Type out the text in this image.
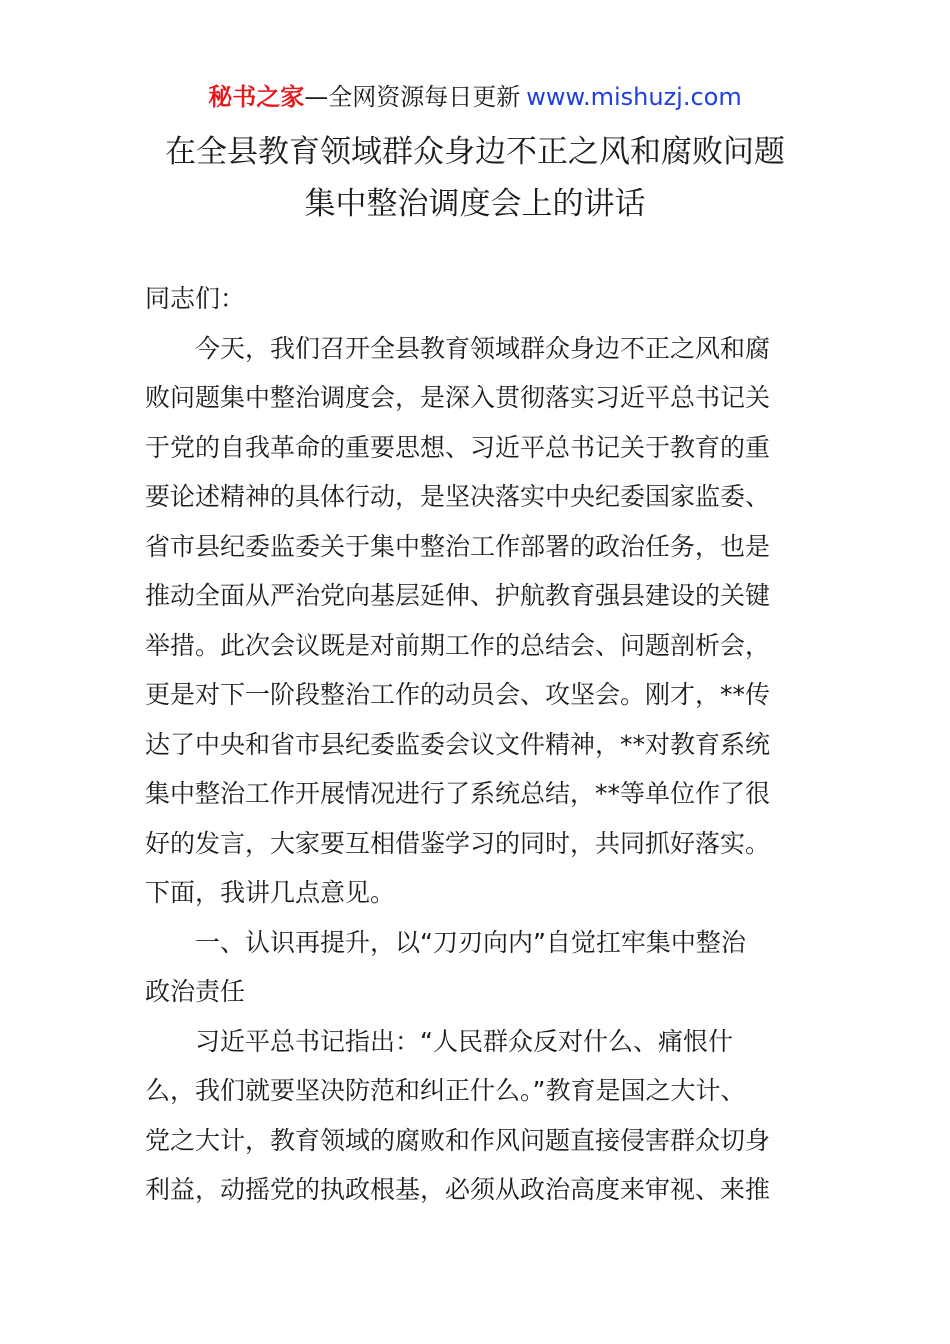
秘书之家—全网资源每日更新 www.mishuzj.com
在全县教育领域群众身边不正之风和腐败问题
集中整治调度会上的讲话
同志们：
今天，我们召开全县教育领域群众身边不正之风和腐
败问题集中整治调度会，是深入贯彻落实习近平总书记关
于党的自我革命的重要思想、习近平总书记关于教育的重
要论述精神的具体行动，是坚决落实中央纪委国家监委、
省市县纪委监委关于集中整治工作部署的政治任务，也是
推动全面从严治党向基层延伸、护航教育强县建设的关键
举措。此次会议既是对前期工作的总结会、问题剖析会，
更是对下一阶段整治工作的动员会、攻坚会。刚才，**传
达了中央和省市县纪委监委会议文件精神，**对教育系统
集中整治工作开展情况进行了系统总结，**等单位作了很
好的发言，大家要互相借鉴学习的同时，共同抓好落实。
下面，我讲几点意见。
一、认识再提升，以“刀刃向内”自觉扛牢集中整治
政治责任
习近平总书记指出：“人民群众反对什么、痛恨什
么，我们就要坚决防范和纠正什么。”教育是国之大计、
党之大计，教育领域的腐败和作风问题直接侵害群众切身
利益，动摇党的执政根基，必须从政治高度来审视、来推
